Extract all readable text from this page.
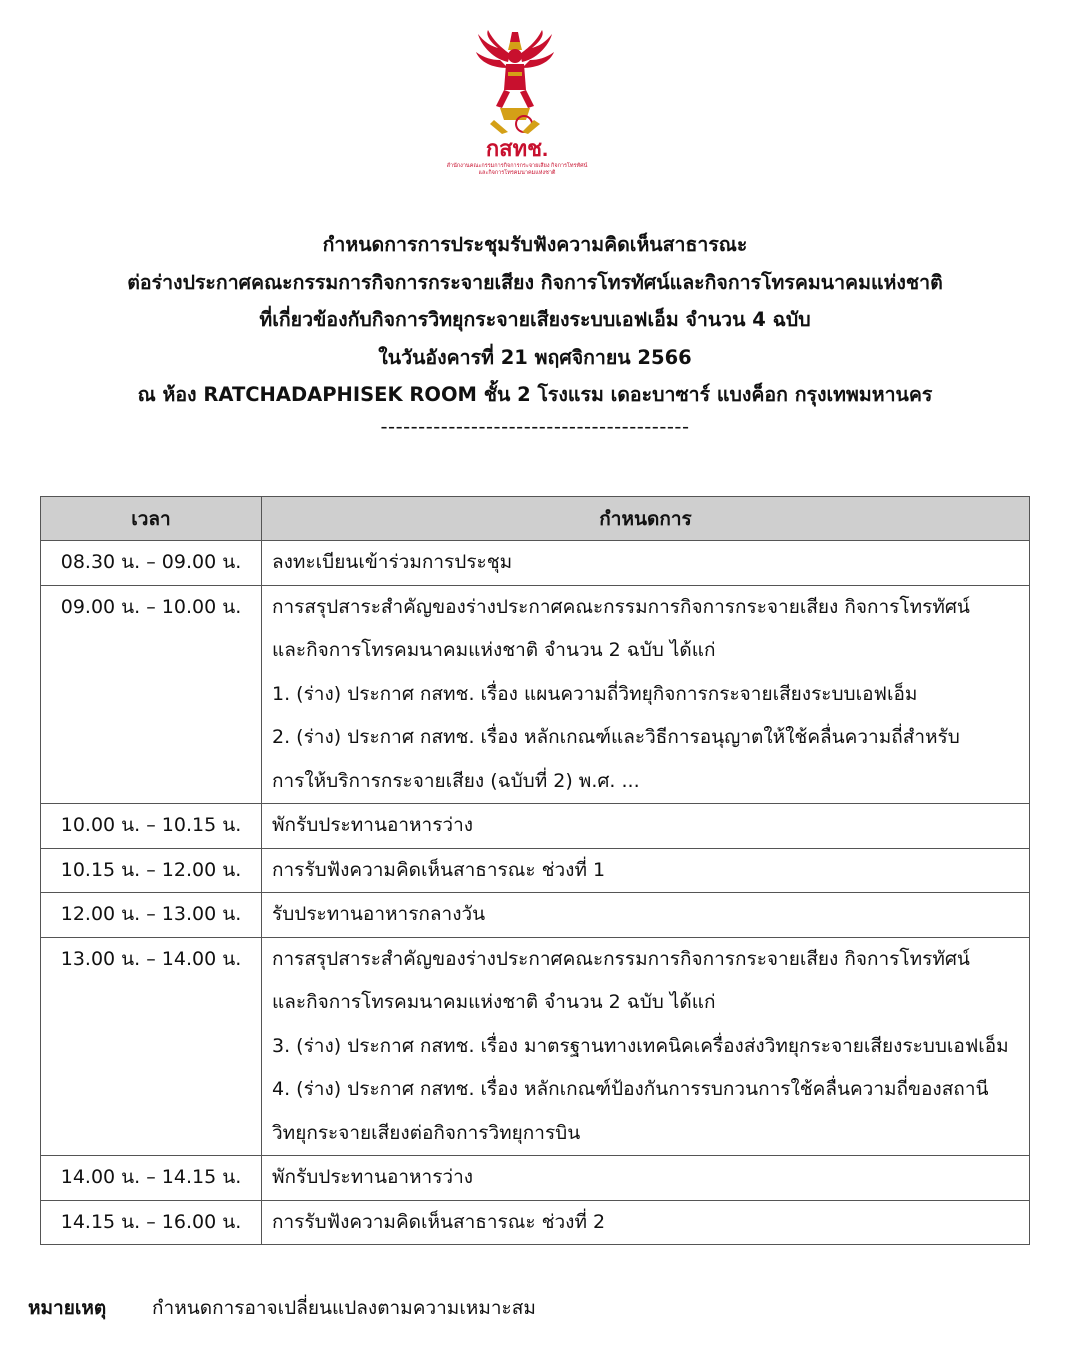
กสทช.
สำนักงานคณะกรรมการกิจการกระจายเสียง กิจการโทรทัศน์
และกิจการโทรคมนาคมแห่งชาติ
กำหนดการการประชุมรับฟังความคิดเห็นสาธารณะ
ต่อร่างประกาศคณะกรรมการกิจการกระจายเสียง กิจการโทรทัศน์และกิจการโทรคมนาคมแห่งชาติ
ที่เกี่ยวข้องกับกิจการวิทยุกระจายเสียงระบบเอฟเอ็ม จำนวน 4 ฉบับ
ในวันอังคารที่ 21 พฤศจิกายน 2566
ณ ห้อง RATCHADAPHISEK ROOM ชั้น 2 โรงแรม เดอะบาซาร์ แบงค็อก กรุงเทพมหานคร
-----------------------------------------
เวลา	กำหนดการ
08.30 น. – 09.00 น.	ลงทะเบียนเข้าร่วมการประชุม

09.00 น. – 10.00 น.	การสรุปสาระสำคัญของร่างประกาศคณะกรรมการกิจการกระจายเสียง กิจการโทรทัศน์
และกิจการโทรคมนาคมแห่งชาติ จำนวน 2 ฉบับ ได้แก่
1. (ร่าง) ประกาศ กสทช. เรื่อง แผนความถี่วิทยุกิจการกระจายเสียงระบบเอฟเอ็ม
2. (ร่าง) ประกาศ กสทช. เรื่อง หลักเกณฑ์และวิธีการอนุญาตให้ใช้คลื่นความถี่สำหรับ
การให้บริการกระจายเสียง (ฉบับที่ 2) พ.ศ. ...

10.00 น. – 10.15 น.	พักรับประทานอาหารว่าง

10.15 น. – 12.00 น.	การรับฟังความคิดเห็นสาธารณะ ช่วงที่ 1

12.00 น. – 13.00 น.	รับประทานอาหารกลางวัน

13.00 น. – 14.00 น.	การสรุปสาระสำคัญของร่างประกาศคณะกรรมการกิจการกระจายเสียง กิจการโทรทัศน์
และกิจการโทรคมนาคมแห่งชาติ จำนวน 2 ฉบับ ได้แก่
3. (ร่าง) ประกาศ กสทช. เรื่อง มาตรฐานทางเทคนิคเครื่องส่งวิทยุกระจายเสียงระบบเอฟเอ็ม
4. (ร่าง) ประกาศ กสทช. เรื่อง หลักเกณฑ์ป้องกันการรบกวนการใช้คลื่นความถี่ของสถานี
วิทยุกระจายเสียงต่อกิจการวิทยุการบิน

14.00 น. – 14.15 น.	พักรับประทานอาหารว่าง

14.15 น. – 16.00 น.	การรับฟังความคิดเห็นสาธารณะ ช่วงที่ 2
หมายเหตุ กำหนดการอาจเปลี่ยนแปลงตามความเหมาะสม
